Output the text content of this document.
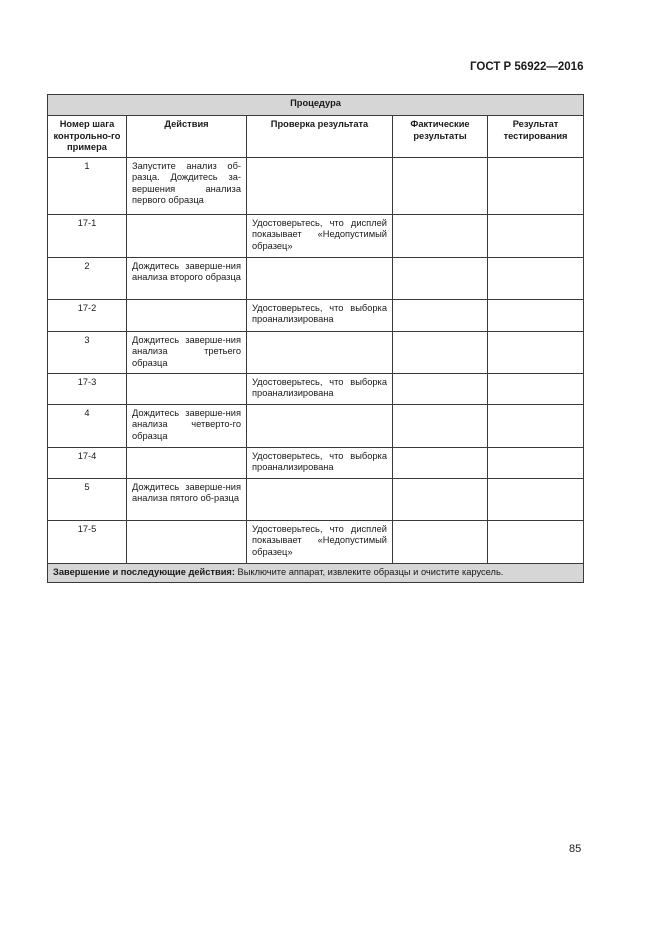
ГОСТ Р 56922—2016
Процедура				
Номер шага контрольно-го примера	Действия	Проверка результата	Фактические результаты	Результат тестирования
1	Запустите анализ об-разца. Дождитесь за-вершения анализа первого образца			
17-1		Удостоверьтесь, что дисплей показывает «Недопустимый образец»		
2	Дождитесь заверше-ния анализа второго образца			
17-2		Удостоверьтесь, что выборка проанализирована		
3	Дождитесь заверше-ния анализа третьего образца			
17-3		Удостоверьтесь, что выборка проанализирована		
4	Дождитесь заверше-ния анализа четверто-го образца			
17-4		Удостоверьтесь, что выборка проанализирована		
5	Дождитесь заверше-ния анализа пятого об-разца			
17-5		Удостоверьтесь, что дисплей показывает «Недопустимый образец»		
Завершение и последующие действия: Выключите аппарат, извлеките образцы и очистите карусель.				
85
